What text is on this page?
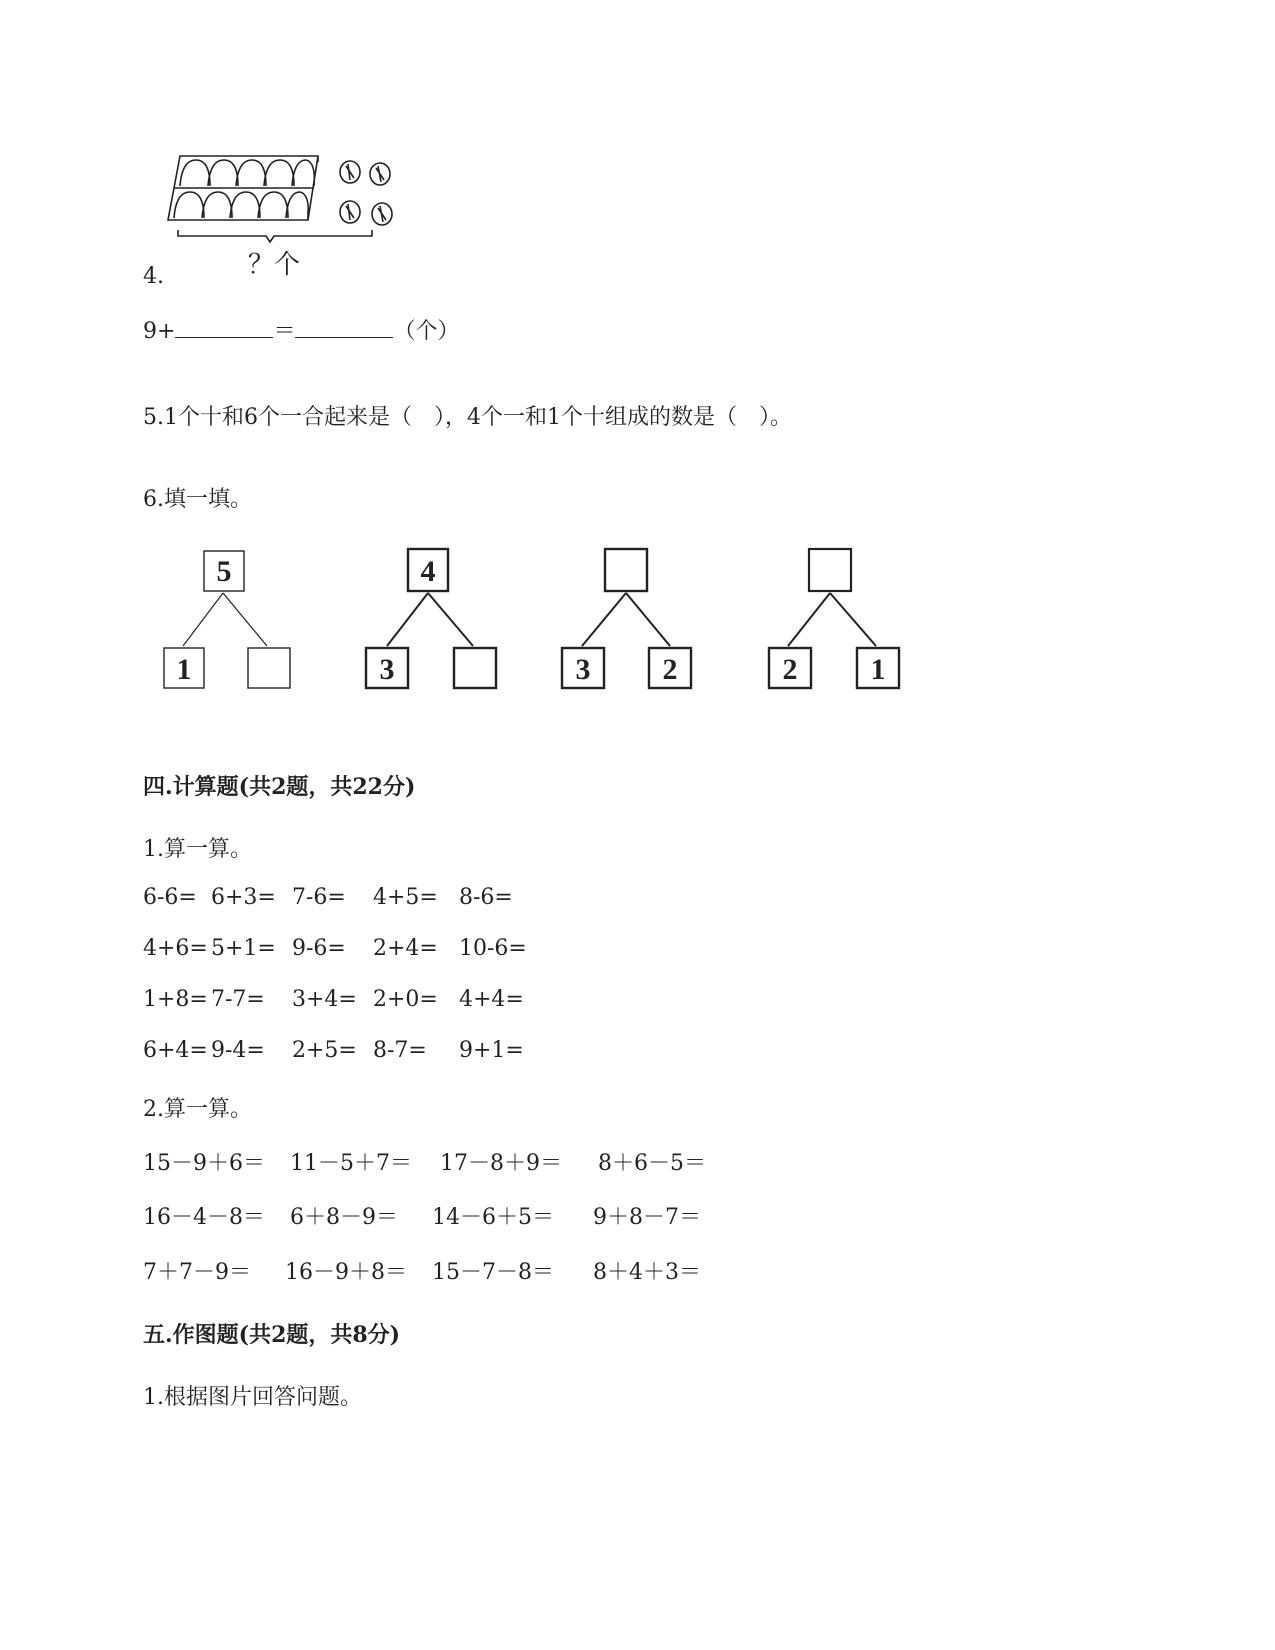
？个
4.
9+	＝	（个）
5.1个十和6个一合起来是（　），4个一和1个十组成的数是（　）。
6.填一填。
5
1
4
3	3 2	2 1
四.计算题(共2题，共22分)
1.算一算。
6-6= 6+3= 7-6= 4+5= 8-6=
4+6= 5+1= 9-6= 2+4= 10-6=
1+8= 7-7= 3+4= 2+0= 4+4=
6+4= 9-4= 2+5= 8-7= 9+1=
2.算一算。
15－9＋6＝ 11－5＋7＝ 17－8＋9＝ 8＋6－5＝
16－4－8＝ 6＋8－9＝ 14－6＋5＝ 9＋8－7＝
7＋7－9＝ 16－9＋8＝ 15－7－8＝ 8＋4＋3＝
五.作图题(共2题，共8分)
1.根据图片回答问题。
